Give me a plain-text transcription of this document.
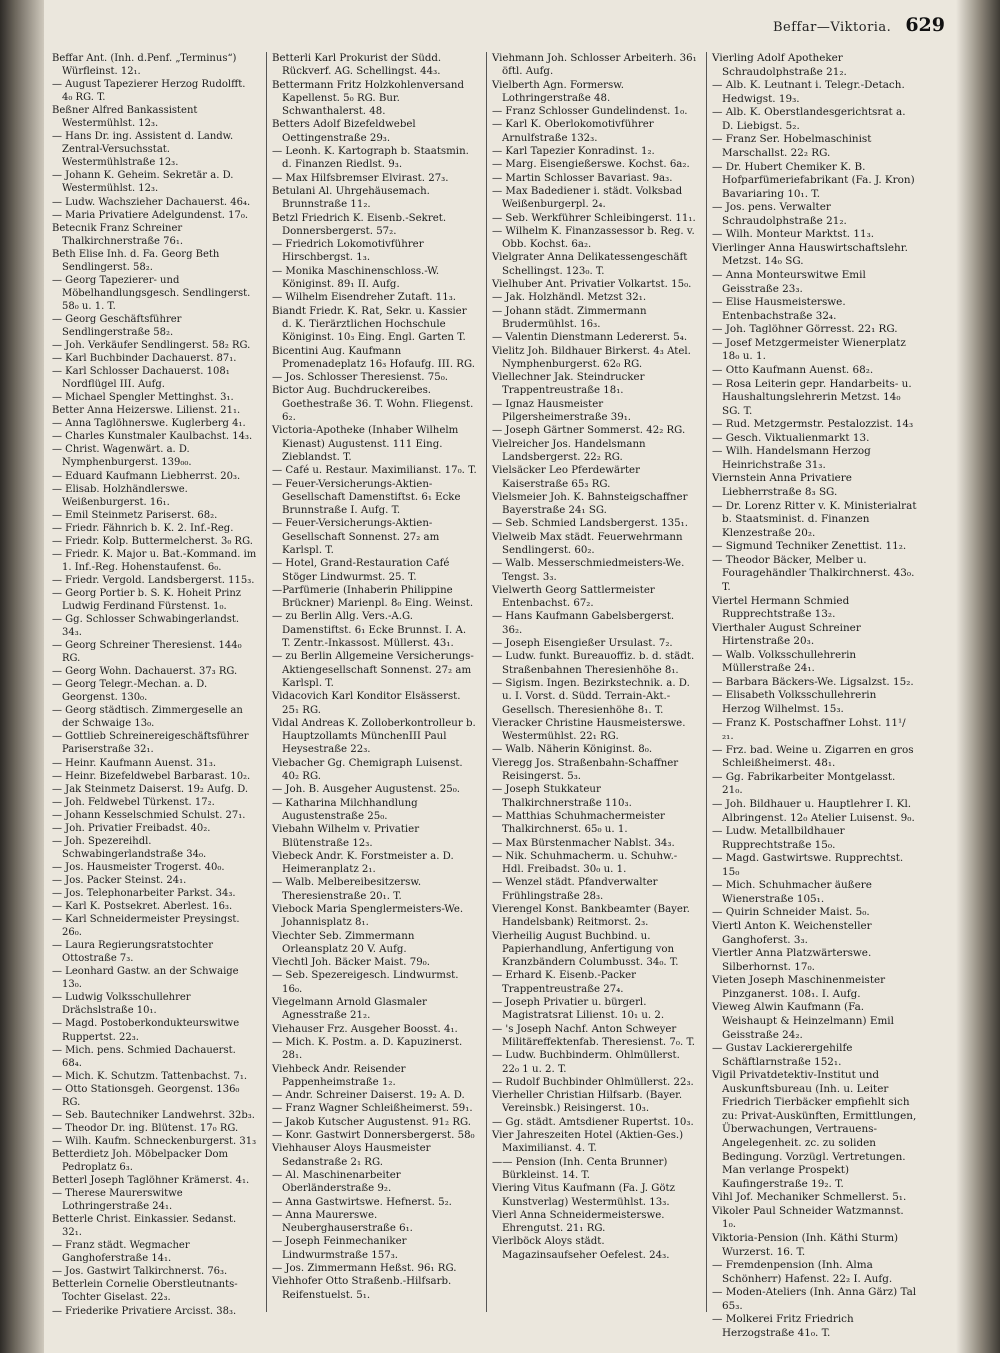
Beffar—Viktoria. 629

Beffar Ant. (Inh. d.Penf. „Terminus“) Würfleinst. 12₁.

— August Tapezierer Herzog Rudolfft. 4₀ RG. T.

Beßner Alfred Bankassistent Westermühlst. 12₃.

— Hans Dr. ing. Assistent d. Landw. Zentral-Versuchsstat. Westermühlstraße 12₃.

— Johann K. Geheim. Sekretär a. D. Westermühlst. 12₃.

— Ludw. Wachszieher Dachauerst. 46₄.

— Maria Privatiere Adelgundenst. 17₀.

Betecnik Franz Schreiner Thalkirchnerstraße 76₁.

Beth Elise Inh. d. Fa. Georg Beth Sendlingerst. 58₂.

— Georg Tapezierer- und Möbelhandlungsgesch. Sendlingerst. 58₀ u. 1. T.

— Georg Geschäftsführer Sendlingerstraße 58₂.

— Joh. Verkäufer Sendlingerst. 58₂ RG.

— Karl Buchbinder Dachauerst. 87₁.

— Karl Schlosser Dachauerst. 108₁ Nordflügel III. Aufg.

— Michael Spengler Mettinghst. 3₁.

Better Anna Heizerswe. Lilienst. 21₁.

— Anna Taglöhnerswe. Kuglerberg 4₁.

— Charles Kunstmaler Kaulbachst. 14₃.

— Christ. Wagenwärt. a. D. Nymphenburgerst. 139₀₀.

— Eduard Kaufmann Liebherrst. 20₃.

— Elisab. Holzhändlerswe. Weißenburgerst. 16₁.

— Emil Steinmetz Pariserst. 68₂.

— Friedr. Fähnrich b. K. 2. Inf.-Reg.

— Friedr. Kolp. Buttermelcherst. 3₀ RG.

— Friedr. K. Major u. Bat.-Kommand. im 1. Inf.-Reg. Hohenstaufenst. 6₀.

— Friedr. Vergold. Landsbergerst. 115₃.

— Georg Portier b. S. K. Hoheit Prinz Ludwig Ferdinand Fürstenst. 1₀.

— Gg. Schlosser Schwabingerlandst. 34₃.

— Georg Schreiner Theresienst. 144₀ RG.

— Georg Wohn. Dachauerst. 37₃ RG.

— Georg Telegr.-Mechan. a. D. Georgenst. 130₀.

— Georg städtisch. Zimmergeselle an der Schwaige 13₀.

— Gottlieb Schreinereigeschäftsführer Pariserstraße 32₁.

— Heinr. Kaufmann Auenst. 31₃.

— Heinr. Bizefeldwebel Barbarast. 10₂.

— Jak Steinmetz Daiserst. 19₂ Aufg. D.

— Joh. Feldwebel Türkenst. 17₂.

— Johann Kesselschmied Schulst. 27₁.

— Joh. Privatier Freibadst. 40₂.

— Joh. Spezereihdl. Schwabingerlandstraße 34₀.

— Jos. Hausmeister Trogerst. 40₀.

— Jos. Packer Steinst. 24₁.

— Jos. Telephonarbeiter Parkst. 34₃.

— Karl K. Postsekret. Aberlest. 16₃.

— Karl Schneidermeister Preysingst. 26₀.

— Laura Regierungsratstochter Ottostraße 7₃.

— Leonhard Gastw. an der Schwaige 13₀.

— Ludwig Volksschullehrer Drächslstraße 10₁.

— Magd. Postoberkondukteurswitwe Ruppertst. 22₃.

— Mich. pens. Schmied Dachauerst. 68₄.

— Mich. K. Schutzm. Tattenbachst. 7₁.

— Otto Stationsgeh. Georgenst. 136₀ RG.

— Seb. Bautechniker Landwehrst. 32b₃.

— Theodor Dr. ing. Blütenst. 17₀ RG.

— Wilh. Kaufm. Schneckenburgerst. 31₃

Betterdietz Joh. Möbelpacker Dom Pedroplatz 6₃.

Betterl Joseph Taglöhner Krämerst. 4₁.

— Therese Maurerswitwe Lothringerstraße 24₁.

Betterle Christ. Einkassier. Sedanst. 32₁.

— Franz städt. Wegmacher Ganghoferstraße 14₁.

— Jos. Gastwirt Talkirchnerst. 76₃.

Betterlein Cornelie Oberstleutnants-Tochter Giselast. 22₃.

— Friederike Privatiere Arcisst. 38₃.

Betterli Karl Prokurist der Südd. Rückverf. AG. Schellingst. 44₃.

Bettermann Fritz Holzkohlenversand Kapellenst. 5₀ RG. Bur. Schwanthalerst. 48.

Betters Adolf Bizefeldwebel Oettingenstraße 29₃.

— Leonh. K. Kartograph b. Staatsmin. d. Finanzen Riedlst. 9₃.

— Max Hilfsbremser Elvirast. 27₃.

Betulani Al. Uhrgehäusemach. Brunnstraße 11₂.

Betzl Friedrich K. Eisenb.-Sekret. Donnersbergerst. 57₂.

— Friedrich Lokomotivführer Hirschbergst. 1₃.

— Monika Maschinenschloss.-W. Königinst. 89₁ II. Aufg.

— Wilhelm Eisendreher Zutaft. 11₃.

Biandt Friedr. K. Rat, Sekr. u. Kassier d. K. Tierärztlichen Hochschule Königinst. 10₃ Eing. Engl. Garten T.

Bicentini Aug. Kaufmann Promenadeplatz 16₃ Hofaufg. III. RG.

— Jos. Schlosser Theresienst. 75₀.

Bictor Aug. Buchdruckereibes. Goethestraße 36. T. Wohn. Fliegenst. 6₂.

Victoria-Apotheke (Inhaber Wilhelm Kienast) Augustenst. 111 Eing. Zieblandst. T.

— Café u. Restaur. Maximilianst. 17₀. T.

— Feuer-Versicherungs-Aktien-Gesellschaft Damenstiftst. 6₁ Ecke Brunnstraße I. Aufg. T.

— Feuer-Versicherungs-Aktien-Gesellschaft Sonnenst. 27₂ am Karlspl. T.

— Hotel, Grand-Restauration Café Stöger Lindwurmst. 25. T.

—Parfümerie (Inhaberin Philippine Brückner) Marienpl. 8₀ Eing. Weinst.

— zu Berlin Allg. Vers.-A.G. Damenstiftst. 6₁ Ecke Brunnst. I. A. T. Zentr.-Inkassost. Müllerst. 43₁.

— zu Berlin Allgemeine Versicherungs-Aktiengesellschaft Sonnenst. 27₂ am Karlspl. T.

Vidacovich Karl Konditor Elsässerst. 25₁ RG.

Vidal Andreas K. Zolloberkontrolleur b. Hauptzollamts MünchenIII Paul Heysestraße 22₃.

Viebacher Gg. Chemigraph Luisenst. 40₂ RG.

— Joh. B. Ausgeher Augustenst. 25₀.

— Katharina Milchhandlung Augustenstraße 25₀.

Viebahn Wilhelm v. Privatier Blütenstraße 12₃.

Viebeck Andr. K. Forstmeister a. D. Heimeranplatz 2₁.

— Walb. Melbereibesitzersw. Theresienstraße 20₁. T.

Viebock Maria Spenglermeisters-We. Johannisplatz 8₁.

Viechter Seb. Zimmermann Orleansplatz 20 V. Aufg.

Viechtl Joh. Bäcker Maist. 79₀.

— Seb. Spezereigesch. Lindwurmst. 16₀.

Viegelmann Arnold Glasmaler Agnesstraße 21₂.

Viehauser Frz. Ausgeher Boosst. 4₁.

— Mich. K. Postm. a. D. Kapuzinerst. 28₁.

Viehbeck Andr. Reisender Pappenheimstraße 1₂.

— Andr. Schreiner Daiserst. 19₂ A. D.

— Franz Wagner Schleißheimerst. 59₁.

— Jakob Kutscher Augustenst. 91₂ RG.

— Konr. Gastwirt Donnersbergerst. 58₀

Viehhauser Aloys Hausmeister Sedanstraße 2₁ RG.

— Al. Maschinenarbeiter Oberländerstraße 9₂.

— Anna Gastwirtswe. Hefnerst. 5₂.

— Anna Maurerswe. Neuberghauserstraße 6₁.

— Joseph Feinmechaniker Lindwurmstraße 157₃.

— Jos. Zimmermann Heßst. 96₁ RG.

Viehhofer Otto Straßenb.-Hilfsarb. Reifenstuelst. 5₁.

Viehmann Joh. Schlosser Arbeiterh. 36₁ öftl. Aufg.

Vielberth Agn. Formersw. Lothringerstraße 48.

— Franz Schlosser Gundelindenst. 1₀.

— Karl K. Oberlokomotivführer Arnulfstraße 132₃.

— Karl Tapezier Konradinst. 1₂.

— Marg. Eisengießerswe. Kochst. 6a₂.

— Martin Schlosser Bavariast. 9a₃.

— Max Badediener i. städt. Volksbad Weißenburgerpl. 2₄.

— Seb. Werkführer Schleibingerst. 11₁.

— Wilhelm K. Finanzassessor b. Reg. v. Obb. Kochst. 6a₂.

Vielgrater Anna Delikatessengeschäft Schellingst. 123₀. T.

Vielhuber Ant. Privatier Volkartst. 15₀.

— Jak. Holzhändl. Metzst 32₁.

— Johann städt. Zimmermann Brudermühlst. 16₃.

— Valentin Dienstmann Ledererst. 5₄.

Vielitz Joh. Bildhauer Birkerst. 4₃ Atel. Nymphenburgerst. 62₀ RG.

Viellechner Jak. Steindrucker Trappentreustraße 18₁.

— Ignaz Hausmeister Pilgersheimerstraße 39₁.

— Joseph Gärtner Sommerst. 42₂ RG.

Vielreicher Jos. Handelsmann Landsbergerst. 22₂ RG.

Vielsäcker Leo Pferdewärter Kaiserstraße 65₃ RG.

Vielsmeier Joh. K. Bahnsteigschaffner Bayerstraße 24₁ SG.

— Seb. Schmied Landsbergerst. 135₁.

Vielweib Max städt. Feuerwehrmann Sendlingerst. 60₂.

— Walb. Messerschmiedmeisters-We. Tengst. 3₃.

Vielwerth Georg Sattlermeister Entenbachst. 67₂.

— Hans Kaufmann Gabelsbergerst. 36₂.

— Joseph Eisengießer Ursulast. 7₂.

— Ludw. funkt. Bureauoffiz. b. d. städt. Straßenbahnen Theresienhöhe 8₁.

— Sigism. Ingen. Bezirkstechnik. a. D. u. I. Vorst. d. Südd. Terrain-Akt.-Gesellsch. Theresienhöhe 8₁. T.

Vieracker Christine Hausmeisterswe. Westermühlst. 22₁ RG.

— Walb. Näherin Königinst. 8₀.

Vieregg Jos. Straßenbahn-Schaffner Reisingerst. 5₃.

— Joseph Stukkateur Thalkirchnerstraße 110₃.

— Matthias Schuhmachermeister Thalkirchnerst. 65₀ u. 1.

— Max Bürstenmacher Nablst. 34₃.

— Nik. Schuhmacherm. u. Schuhw.-Hdl. Freibadst. 30₀ u. 1.

— Wenzel städt. Pfandverwalter Frühlingstraße 28₃.

Vierengel Konst. Bankbeamter (Bayer. Handelsbank) Reitmorst. 2₃.

Vierheilig August Buchbind. u. Papierhandlung, Anfertigung von Kranzbändern Columbusst. 34₀. T.

— Erhard K. Eisenb.-Packer Trappentreustraße 27₄.

— Joseph Privatier u. bürgerl. Magistratsrat Lilienst. 10₁ u. 2.

— 's Joseph Nachf. Anton Schweyer Militäreffektenfab. Theresienst. 7₀. T.

— Ludw. Buchbinderm. Ohlmüllerst. 22₀ 1 u. 2. T.

— Rudolf Buchbinder Ohlmüllerst. 22₃.

Vierheller Christian Hilfsarb. (Bayer. Vereinsbk.) Reisingerst. 10₃.

— Gg. städt. Amtsdiener Rupertst. 10₃.

Vier Jahreszeiten Hotel (Aktien-Ges.) Maximilianst. 4. T.

—— Pension (Inh. Centa Brunner) Bürkleinst. 14. T.

Viering Vitus Kaufmann (Fa. J. Götz Kunstverlag) Westermühlst. 13₃.

Vierl Anna Schneidermeisterswe. Ehrengutst. 21₁ RG.

Vierlböck Aloys städt. Magazinsaufseher Oefelest. 24₃.

Vierling Adolf Apotheker Schraudolphstraße 21₂.

— Alb. K. Leutnant i. Telegr.-Detach. Hedwigst. 19₃.

— Alb. K. Oberstlandesgerichtsrat a. D. Liebigst. 5₂.

— Franz Ser. Hobelmaschinist Marschallst. 22₂ RG.

— Dr. Hubert Chemiker K. B. Hofparfümeriefabrikant (Fa. J. Kron) Bavariaring 10₁. T.

— Jos. pens. Verwalter Schraudolphstraße 21₂.

— Wilh. Monteur Marktst. 11₃.

Vierlinger Anna Hauswirtschaftslehr. Metzst. 14₀ SG.

— Anna Monteurswitwe Emil Geisstraße 23₃.

— Elise Hausmeisterswe. Entenbachstraße 32₄.

— Joh. Taglöhner Görresst. 22₁ RG.

— Josef Metzgermeister Wienerplatz 18₀ u. 1.

— Otto Kaufmann Auenst. 68₂.

— Rosa Leiterin gepr. Handarbeits- u. Haushaltungslehrerin Metzst. 14₀ SG. T.

— Rud. Metzgermstr. Pestalozzist. 14₃

— Gesch. Viktualienmarkt 13.

— Wilh. Handelsmann Herzog Heinrichstraße 31₃.

Viernstein Anna Privatiere Liebherrstraße 8₃ SG.

— Dr. Lorenz Ritter v. K. Ministerialrat b. Staatsminist. d. Finanzen Klenzestraße 20₂.

— Sigmund Techniker Zenettist. 11₂.

— Theodor Bäcker, Melber u. Fouragehändler Thalkirchnerst. 43₀. T.

Viertel Hermann Schmied Rupprechtstraße 13₂.

Vierthaler August Schreiner Hirtenstraße 20₃.

— Walb. Volksschullehrerin Müllerstraße 24₁.

— Barbara Bäckers-We. Ligsalzst. 15₂.

— Elisabeth Volksschullehrerin Herzog Wilhelmst. 15₃.

— Franz K. Postschaffner Lohst. 11¹/₂₁.

— Frz. bad. Weine u. Zigarren en gros Schleißheimerst. 48₁.

— Gg. Fabrikarbeiter Montgelasst. 21₀.

— Joh. Bildhauer u. Hauptlehrer I. Kl. Albringenst. 12₀ Atelier Luisenst. 9₀.

— Ludw. Metallbildhauer Rupprechtstraße 15₀.

— Magd. Gastwirtswe. Rupprechtst. 15₀

— Mich. Schuhmacher äußere Wienerstraße 105₁.

— Quirin Schneider Maist. 5₀.

Viertl Anton K. Weichensteller Ganghoferst. 3₃.

Viertler Anna Platzwärterswe. Silberhornst. 17₀.

Vieten Joseph Maschinenmeister Pinzganerst. 108₁. I. Aufg.

Vieweg Alwin Kaufmann (Fa. Weishaupt & Heinzelmann) Emil Geisstraße 24₂.

— Gustav Lackierergehilfe Schäftlarnstraße 152₁.

Vigil Privatdetektiv-Institut und Auskunftsbureau (Inh. u. Leiter Friedrich Tierbäcker empfiehlt sich zu: Privat-Auskünften, Ermittlungen, Überwachungen, Vertrauens-Angelegenheit. zc. zu soliden Bedingung. Vorzügl. Vertretungen. Man verlange Prospekt) Kaufingerstraße 19₂. T.

Vihl Jof. Mechaniker Schmellerst. 5₁.

Vikoler Paul Schneider Watzmannst. 1₀.

Viktoria-Pension (Inh. Käthi Sturm) Wurzerst. 16. T.

— Fremdenpension (Inh. Alma Schönherr) Hafenst. 22₂ I. Aufg.

— Moden-Ateliers (Inh. Anna Gärz) Tal 65₃.

— Molkerei Fritz Friedrich Herzogstraße 41₀. T.
